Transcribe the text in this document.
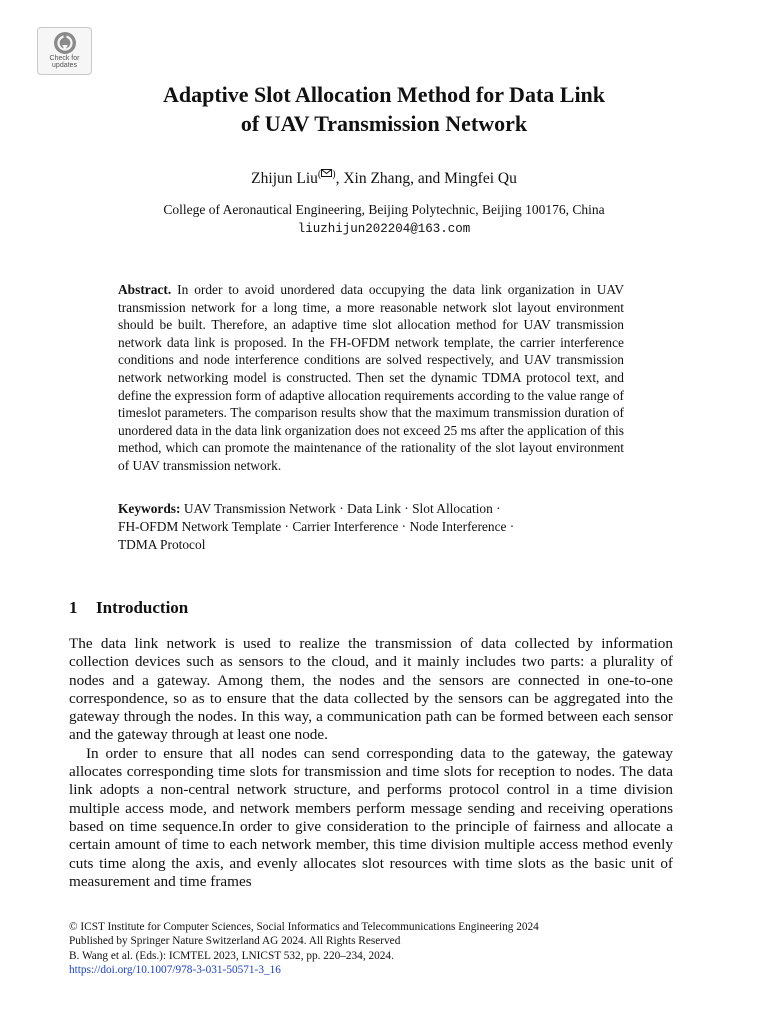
Check for
updates
Adaptive Slot Allocation Method for Data Link
of UAV Transmission Network
Zhijun Liu( ), Xin Zhang, and Mingfei Qu
College of Aeronautical Engineering, Beijing Polytechnic, Beijing 100176, China
liuzhijun202204@163.com
Abstract. In order to avoid unordered data occupying the data link organization in UAV transmission network for a long time, a more reasonable network slot layout environment should be built. Therefore, an adaptive time slot allocation method for UAV transmission network data link is proposed. In the FH-OFDM network template, the carrier interference conditions and node interference conditions are solved respectively, and UAV transmission network networking model is constructed. Then set the dynamic TDMA protocol text, and define the expression form of adaptive allocation requirements according to the value range of timeslot parameters. The comparison results show that the maximum transmission duration of unordered data in the data link organization does not exceed 25 ms after the application of this method, which can promote the maintenance of the rationality of the slot layout environment of UAV transmission network.
Keywords: UAV Transmission Network · Data Link · Slot Allocation ·
FH-OFDM Network Template · Carrier Interference · Node Interference ·
TDMA Protocol
1 Introduction

The data link network is used to realize the transmission of data collected by information collection devices such as sensors to the cloud, and it mainly includes two parts: a plurality of nodes and a gateway. Among them, the nodes and the sensors are connected in one-to-one correspondence, so as to ensure that the data collected by the sensors can be aggregated into the gateway through the nodes. In this way, a communication path can be formed between each sensor and the gateway through at least one node.

In order to ensure that all nodes can send corresponding data to the gateway, the gateway allocates corresponding time slots for transmission and time slots for reception to nodes. The data link adopts a non-central network structure, and performs protocol control in a time division multiple access mode, and network members perform message sending and receiving operations based on time sequence.In order to give consideration to the principle of fairness and allocate a certain amount of time to each network member, this time division multiple access method evenly cuts time along the axis, and evenly allocates slot resources with time slots as the basic unit of measurement and time frames

© ICST Institute for Computer Sciences, Social Informatics and Telecommunications Engineering 2024
Published by Springer Nature Switzerland AG 2024. All Rights Reserved
B. Wang et al. (Eds.): ICMTEL 2023, LNICST 532, pp. 220–234, 2024.
https://doi.org/10.1007/978-3-031-50571-3_16
